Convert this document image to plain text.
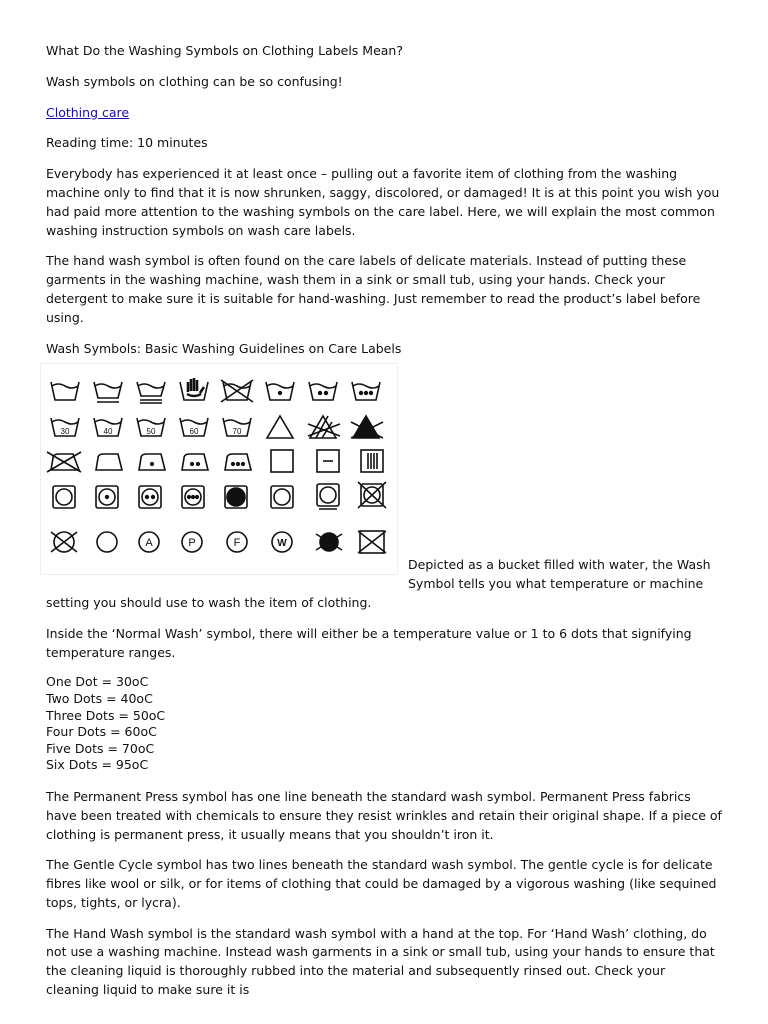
What Do the Washing Symbols on Clothing Labels Mean?

Wash symbols on clothing can be so confusing!

Clothing care

Reading time: 10 minutes

Everybody has experienced it at least once – pulling out a favorite item of clothing from the washing machine only to find that it is now shrunken, saggy, discolored, or damaged! It is at this point you wish you had paid more attention to the washing symbols on the care label. Here, we will explain the most common washing instruction symbols on wash care labels.

The hand wash symbol is often found on the care labels of delicate materials. Instead of putting these garments in the washing machine, wash them in a sink or small tub, using your hands. Check your detergent to make sure it is suitable for hand-washing. Just remember to read the product’s label before using.

Wash Symbols: Basic Washing Guidelines on Care Labels

30	40	50	60	70
A	P	F	W

Depicted as a bucket filled with water, the Wash Symbol tells you what temperature or machine setting you should use to wash the item of clothing.

Inside the ‘Normal Wash’ symbol, there will either be a temperature value or 1 to 6 dots that signifying temperature ranges.

One Dot = 30oC
Two Dots = 40oC
Three Dots = 50oC
Four Dots = 60oC
Five Dots = 70oC
Six Dots = 95oC

The Permanent Press symbol has one line beneath the standard wash symbol. Permanent Press fabrics have been treated with chemicals to ensure they resist wrinkles and retain their original shape. If a piece of clothing is permanent press, it usually means that you shouldn’t iron it.

The Gentle Cycle symbol has two lines beneath the standard wash symbol. The gentle cycle is for delicate fibres like wool or silk, or for items of clothing that could be damaged by a vigorous washing (like sequined tops, tights, or lycra).

The Hand Wash symbol is the standard wash symbol with a hand at the top. For ‘Hand Wash’ clothing, do not use a washing machine. Instead wash garments in a sink or small tub, using your hands to ensure that the cleaning liquid is thoroughly rubbed into the material and subsequently rinsed out. Check your cleaning liquid to make sure it is
